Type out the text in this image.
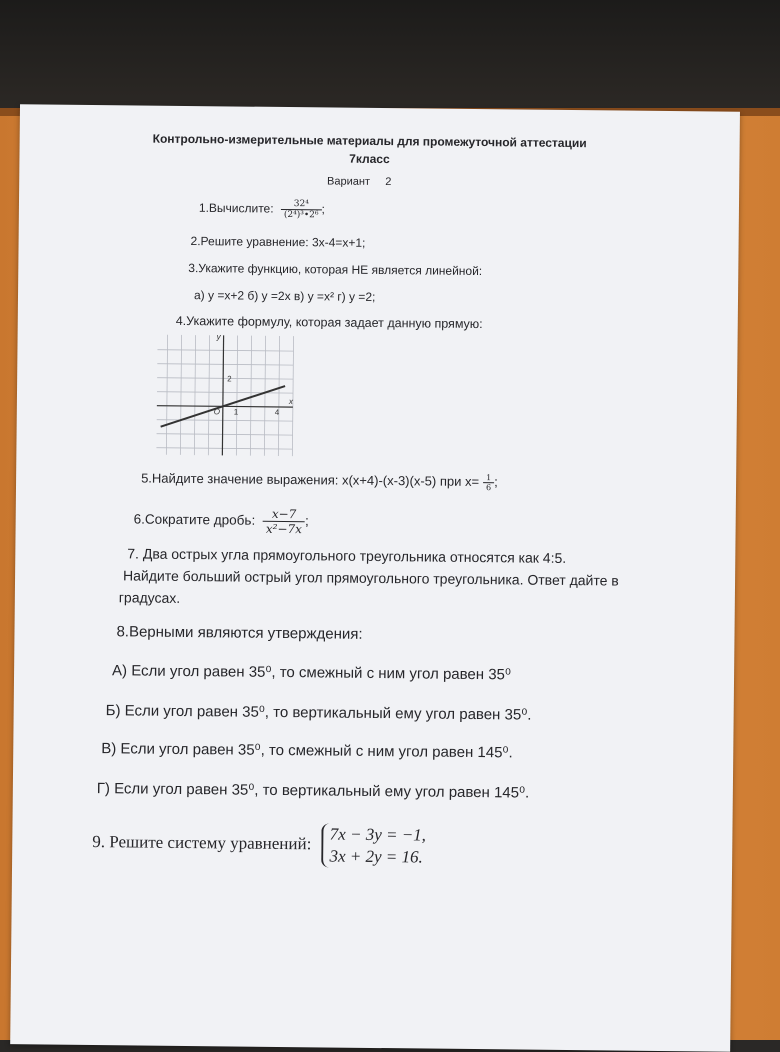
Контрольно-измерительные материалы для промежуточной аттестации
7класс
Вариант 2
1.Вычислите: $\frac{\text{32⁴}}{\text{(2⁴)³•2⁶}}$ ;
2.Решите уравнение: 3х-4=х+1;
3.Укажите функцию, которая НЕ является линейной:
а) у =х+2 б) у =2х в) у =x² г) у =2;
4.Укажите формулу, которая задает данную прямую:
у
х
О
2
1	4
5.Найдите значение выражения: х(х+4)-(х-3)(х-5) при $х= \frac{1}{6}$ ;
6.Сократите дробь: $\frac{x-7}{\text{x²−7x}}$ ;
7. Два острых угла прямоугольного треугольника относятся как 4:5.
Найдите больший острый угол прямоугольного треугольника. Ответ дайте в
градусах.
8.Верными являются утверждения:
А) Если угол равен 35⁰, то смежный с ним угол равен 35⁰
Б) Если угол равен 35⁰, то вертикальный ему угол равен 35⁰.
В) Если угол равен 35⁰, то смежный с ним угол равен 145⁰.
Г) Если угол равен 35⁰, то вертикальный ему угол равен 145⁰.
9. Решите систему уравнений: 7x − 3y = −1,
3x + 2y = 16.
